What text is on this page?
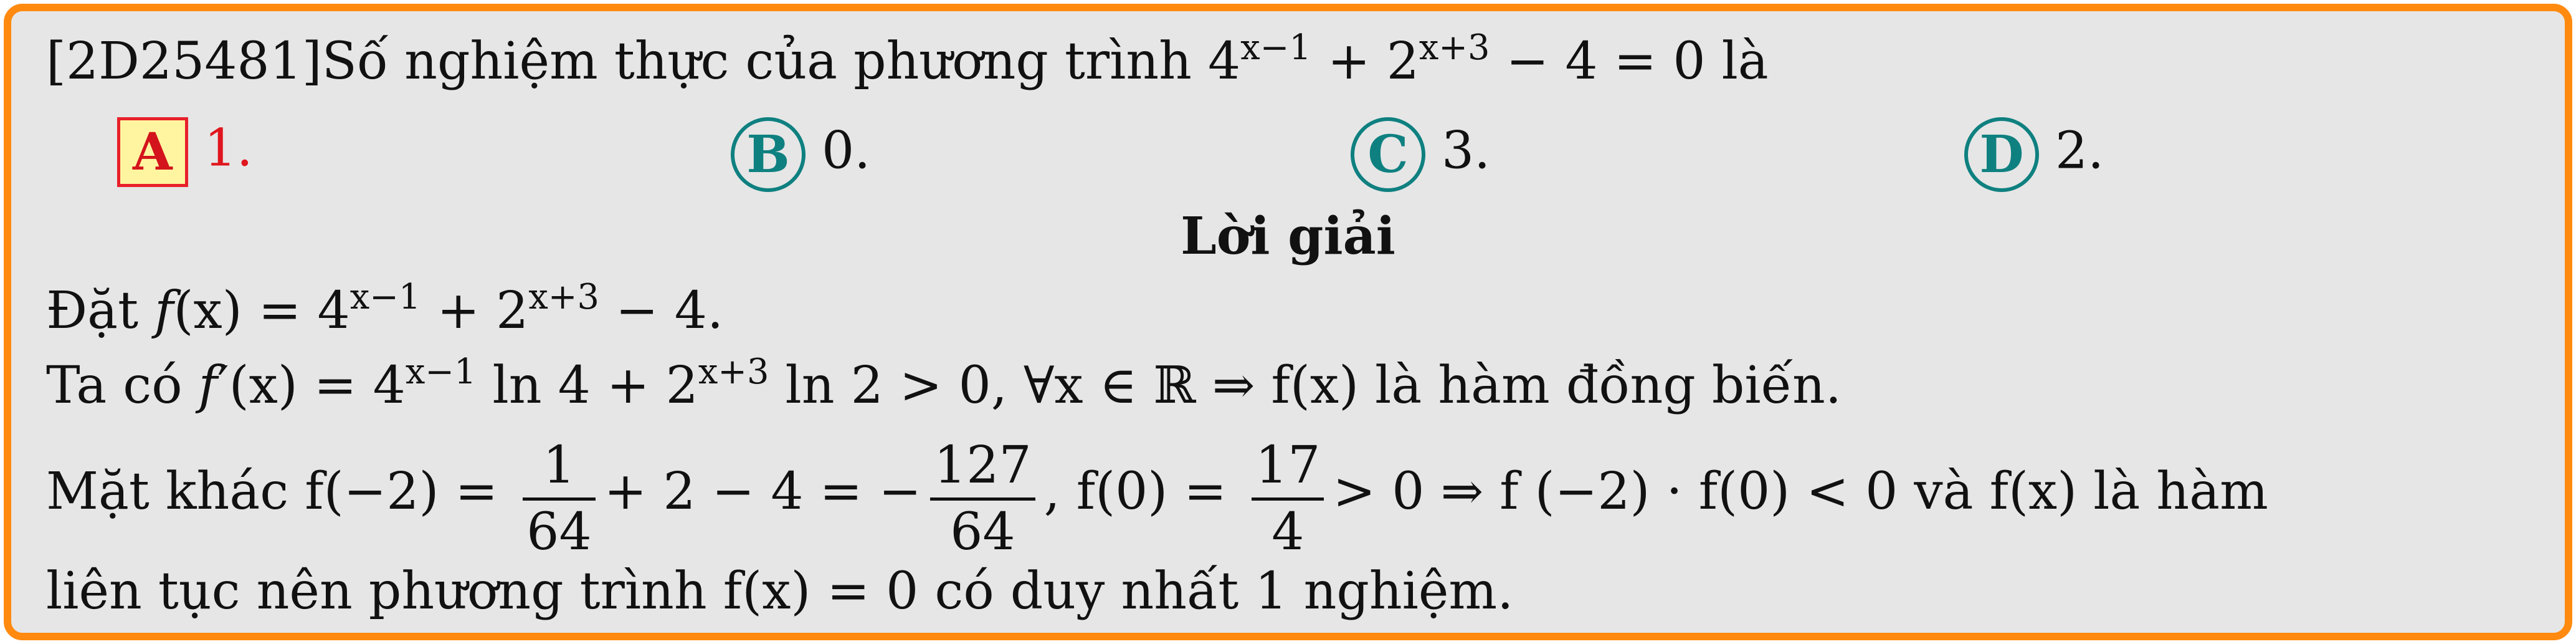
[2D25481]Số nghiệm thực của phương trình $4^{x-1} + 2^{x+3} - 4 = 0$ là
A 1.	B 0.	C 3.	D 2.
Lời giải
Đặt $f(x) = 4^{x-1} + 2^{x+3} - 4$.
Ta có $f'(x) = 4^{x-1}$ $\ln 4 + 2^{x+3}$ ln 2 > 0, ∀x ∈ ℝ ⇒ f(x) là hàm đồng biến.
Mặt khác $f(-2) = \frac{1}{64} + 2 - 4$ = − $\frac{127}{64}$ , $f(0) = \frac{17}{4} > 0$ ⇒ f (−2) · f(0) < 0 và f(x) là hàm
liên tục nên phương trình f(x) = 0 có duy nhất 1 nghiệm.
